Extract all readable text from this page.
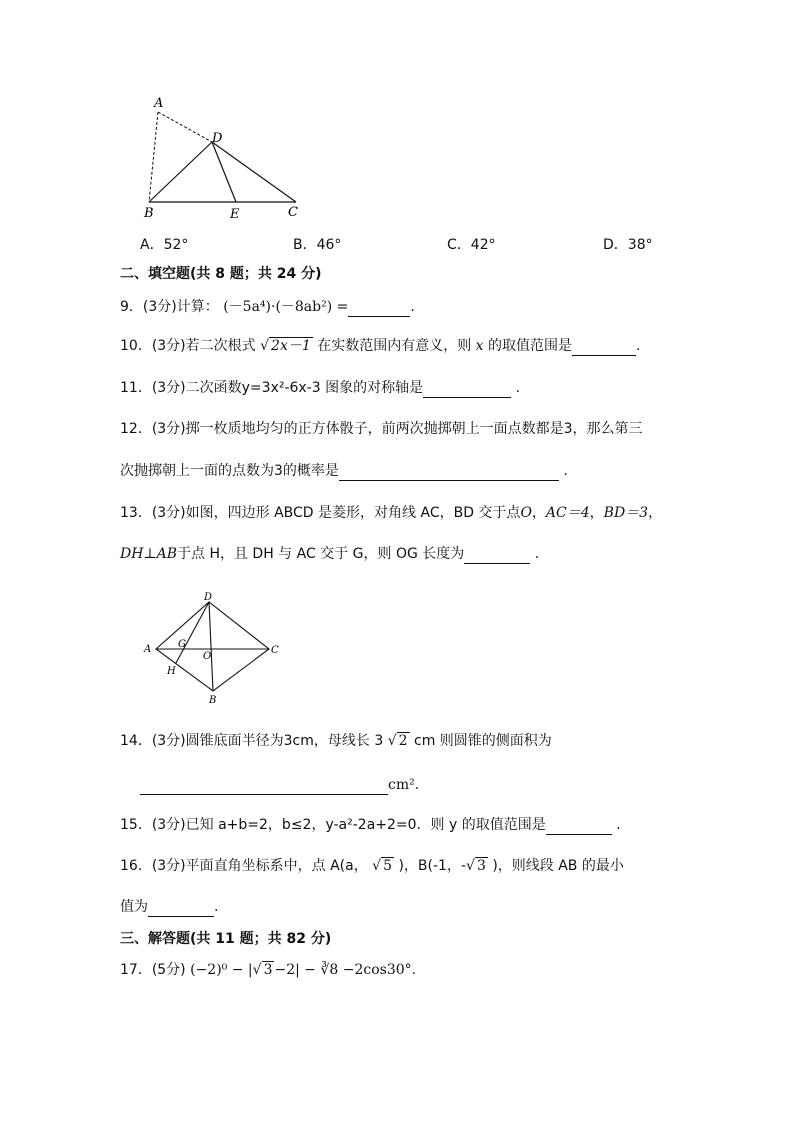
A
D
B	E	C
A．52°	B．46°	C．42°	D．38°
二、填空题(共 8 题；共 24 分)
9．(3分)计算： (－5a⁴)·(－8ab²) =	.
10．(3分)若二次根式 √ 2x－1 在实数范围内有意义，则 x 的取值范围是	.
11．(3分)二次函数y=3x²-6x-3 图象的对称轴是	.
12．(3分)掷一枚质地均匀的正方体骰子，前两次抛掷朝上一面点数都是3，那么第三
次抛掷朝上一面的点数为3的概率是	.
13．(3分)如图，四边形 ABCD 是菱形，对角线 AC，BD 交于点O，AC＝4，BD＝3，
DH⊥AB于点 H，且 DH 与 AC 交于 G，则 OG 长度为	.
D
A	C
B
G
H
O
14．(3分)圆锥底面半径为3cm，母线长 3 √ 2 cm 则圆锥的侧面积为
cm².
15．(3分)已知 a+b=2，b≤2，y-a²-2a+2=0．则 y 的取值范围是	.
16．(3分)平面直角坐标系中，点 A(a， √ 5 )，B(-1，-√ 3 )，则线段 AB 的最小
值为	.
三、解答题(共 11 题；共 82 分)
17．(5分) (−2)⁰ − |√ 3 −2| − ∛8 −2cos30°.
